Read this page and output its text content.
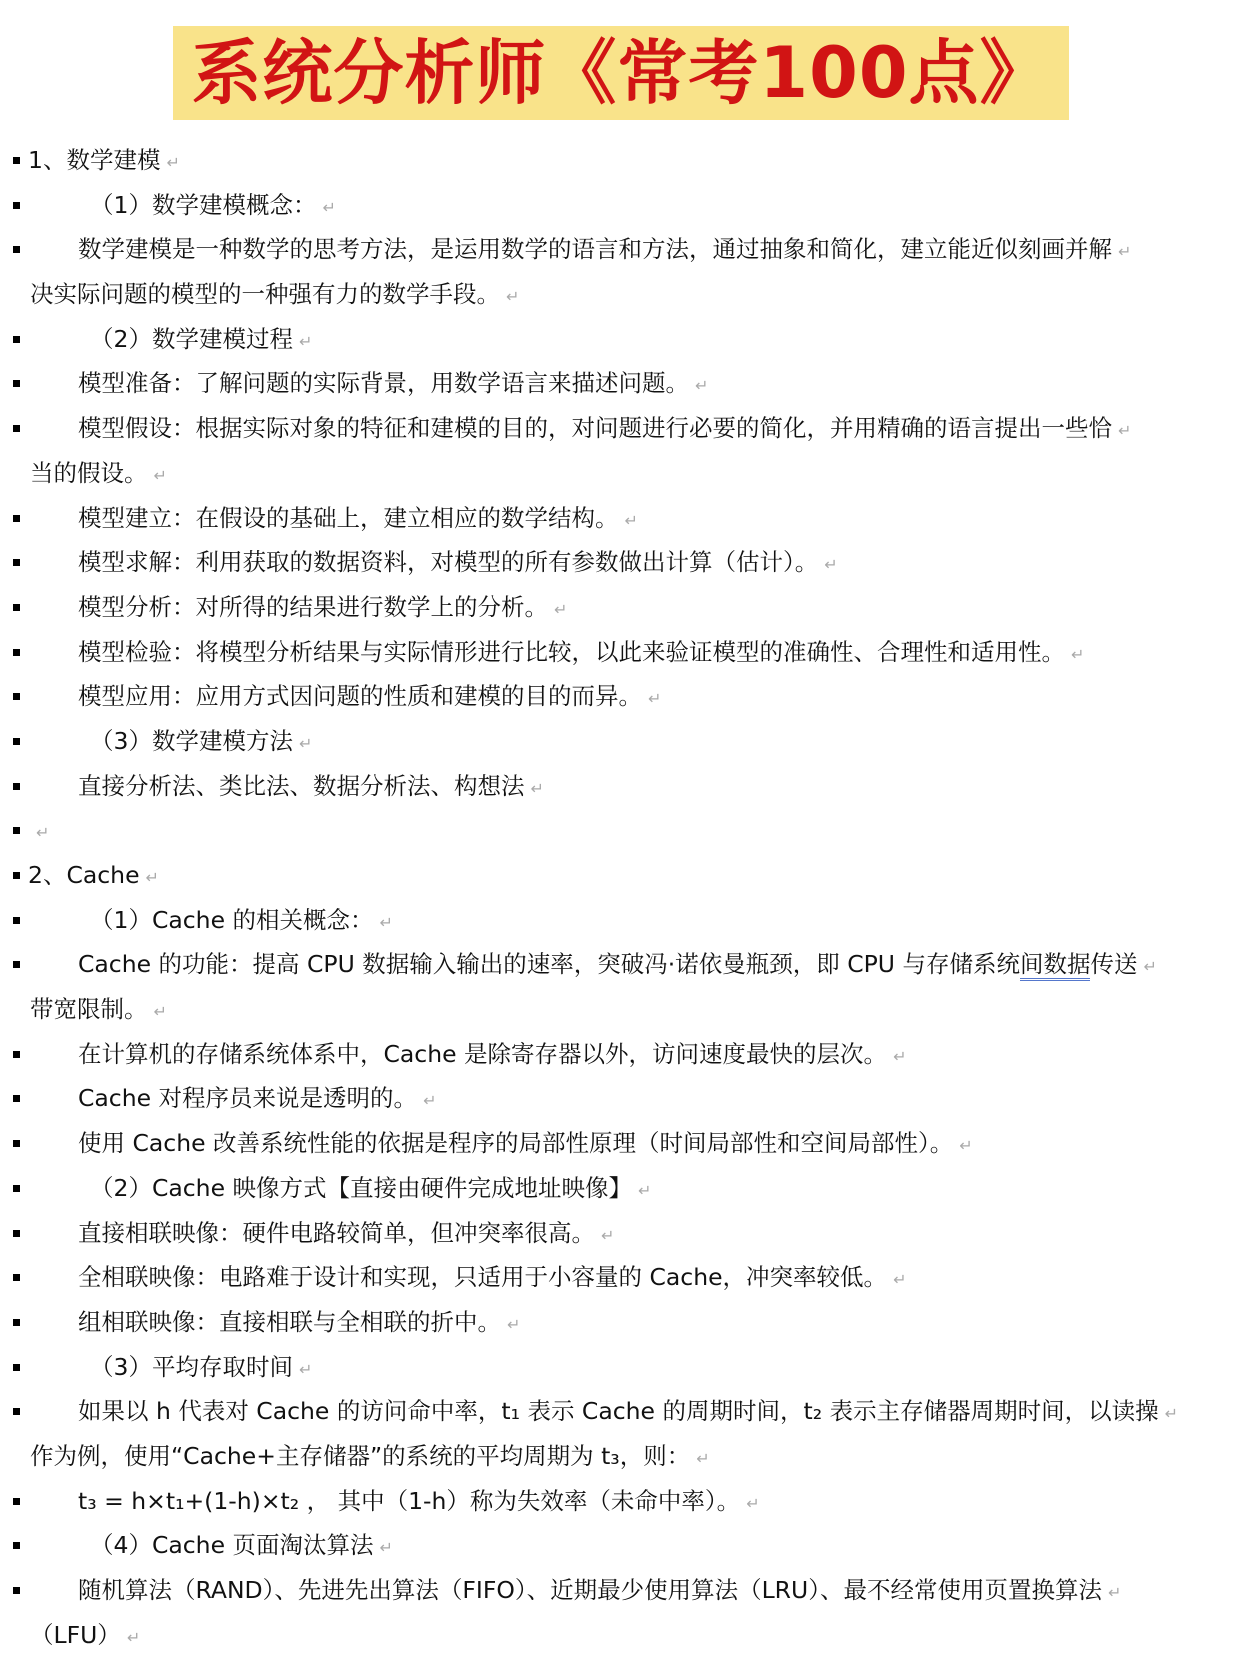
系统分析师《常考100点》
1、数学建模 ↵
（1）数学建模概念： ↵
数学建模是一种数学的思考方法，是运用数学的语言和方法，通过抽象和简化，建立能近似刻画并解 ↵
决实际问题的模型的一种强有力的数学手段。 ↵
（2）数学建模过程 ↵
模型准备：了解问题的实际背景，用数学语言来描述问题。 ↵
模型假设：根据实际对象的特征和建模的目的，对问题进行必要的简化，并用精确的语言提出一些恰 ↵
当的假设。 ↵
模型建立：在假设的基础上，建立相应的数学结构。 ↵
模型求解：利用获取的数据资料，对模型的所有参数做出计算（估计）。 ↵
模型分析：对所得的结果进行数学上的分析。 ↵
模型检验：将模型分析结果与实际情形进行比较，以此来验证模型的准确性、合理性和适用性。 ↵
模型应用：应用方式因问题的性质和建模的目的而异。 ↵
（3）数学建模方法 ↵
直接分析法、类比法、数据分析法、构想法 ↵
↵
2、Cache ↵
（1）Cache 的相关概念： ↵
Cache 的功能：提高 CPU 数据输入输出的速率，突破冯·诺依曼瓶颈，即 CPU 与存储系统间数据传送 ↵
带宽限制。 ↵
在计算机的存储系统体系中，Cache 是除寄存器以外，访问速度最快的层次。 ↵
Cache 对程序员来说是透明的。 ↵
使用 Cache 改善系统性能的依据是程序的局部性原理（时间局部性和空间局部性）。 ↵
（2）Cache 映像方式【直接由硬件完成地址映像】 ↵
直接相联映像：硬件电路较简单，但冲突率很高。 ↵
全相联映像：电路难于设计和实现，只适用于小容量的 Cache，冲突率较低。 ↵
组相联映像：直接相联与全相联的折中。 ↵
（3）平均存取时间 ↵
如果以 h 代表对 Cache 的访问命中率，t₁ 表示 Cache 的周期时间，t₂ 表示主存储器周期时间，以读操 ↵
作为例，使用“Cache+主存储器”的系统的平均周期为 t₃，则： ↵
t₃ = h×t₁+(1-h)×t₂ ， 其中（1-h）称为失效率（未命中率）。 ↵
（4）Cache 页面淘汰算法 ↵
随机算法（RAND）、先进先出算法（FIFO）、近期最少使用算法（LRU）、最不经常使用页置换算法 ↵
（LFU） ↵
